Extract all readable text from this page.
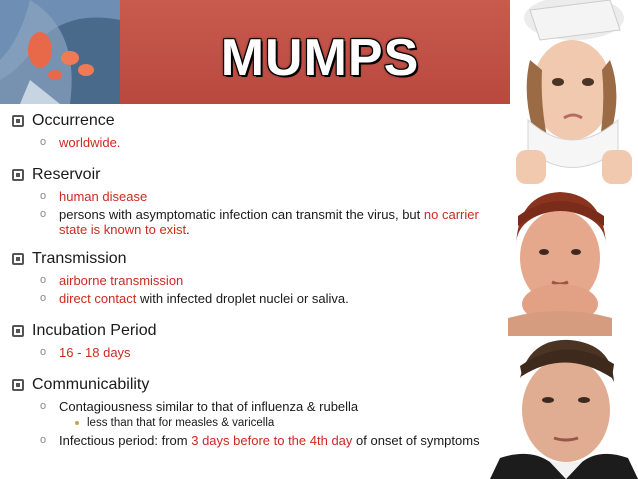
MUMPS
Occurrence
o worldwide.
Reservoir
o human disease
o persons with asymptomatic infection can transmit the virus, but no carrier state is known to exist.
Transmission
o airborne transmission
o direct contact with infected droplet nuclei or saliva.
Incubation Period
o 16 - 18 days
Communicability
o Contagiousness similar to that of influenza & rubella
less than that for measles & varicella
o Infectious period: from 3 days before to the 4th day of onset of symptoms
